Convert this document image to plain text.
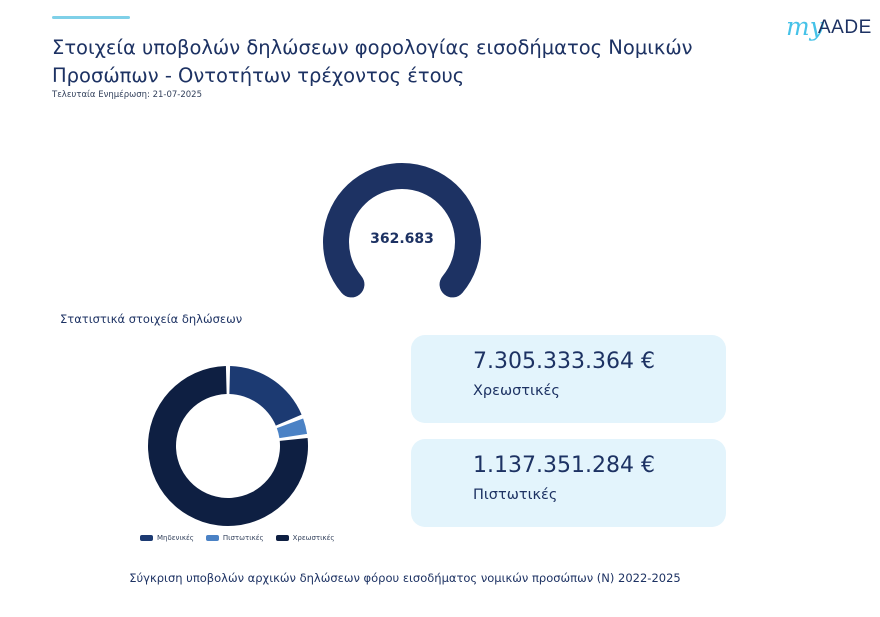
Στοιχεία υποβολών δηλώσεων φορολογίας εισοδήματος Νομικών Προσώπων - Οντοτήτων τρέχοντος έτους
Τελευταία Ενημέρωση: 21-07-2025
my
AADE
362.683
Στατιστικά στοιχεία δηλώσεων
Μηδενικές	Πιστωτικές	Χρεωστικές
7.305.333.364 €
Χρεωστικές
1.137.351.284 €
Πιστωτικές
Σύγκριση υποβολών αρχικών δηλώσεων φόρου εισοδήματος νομικών προσώπων (Ν) 2022-2025
